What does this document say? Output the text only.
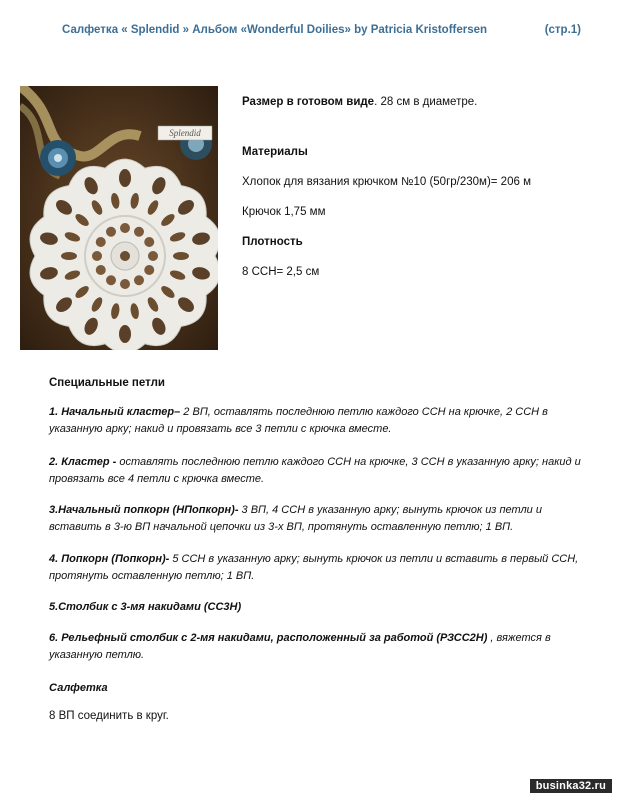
Салфетка « Splendid » Альбом «Wonderful Doilies» by Patricia Kristoffersen	(стр.1)
Splendid
Размер в готовом виде. 28 см в диаметре.
Материалы
Хлопок для вязания крючком №10 (50гр/230м)= 206 м
Крючок 1,75 мм
Плотность
8 ССН= 2,5 см
Специальные петли
1. Начальный кластер– 2 ВП, оставлять последнюю петлю каждого ССН на крючке, 2 ССН в указанную арку; накид и провязать все 3 петли с крючка вместе.
2. Кластер - оставлять последнюю петлю каждого ССН на крючке, 3 ССН в указанную арку; накид и провязать все 4 петли с крючка вместе.
3.Начальный попкорн (НПопкорн)- 3 ВП, 4 ССН в указанную арку; вынуть крючок из петли и вставить в 3-ю ВП начальной цепочки из 3-х ВП, протянуть оставленную петлю; 1 ВП.
4. Попкорн (Попкорн)- 5 ССН в указанную арку; вынуть крючок из петли и вставить в первый ССН, протянуть оставленную петлю; 1 ВП.
5.Столбик с 3-мя накидами (СС3Н)
6. Рельефный столбик с 2-мя накидами, расположенный за работой (РЗСС2Н) , вяжется в указанную петлю.
Салфетка
8 ВП соединить в круг.
businka32.ru
